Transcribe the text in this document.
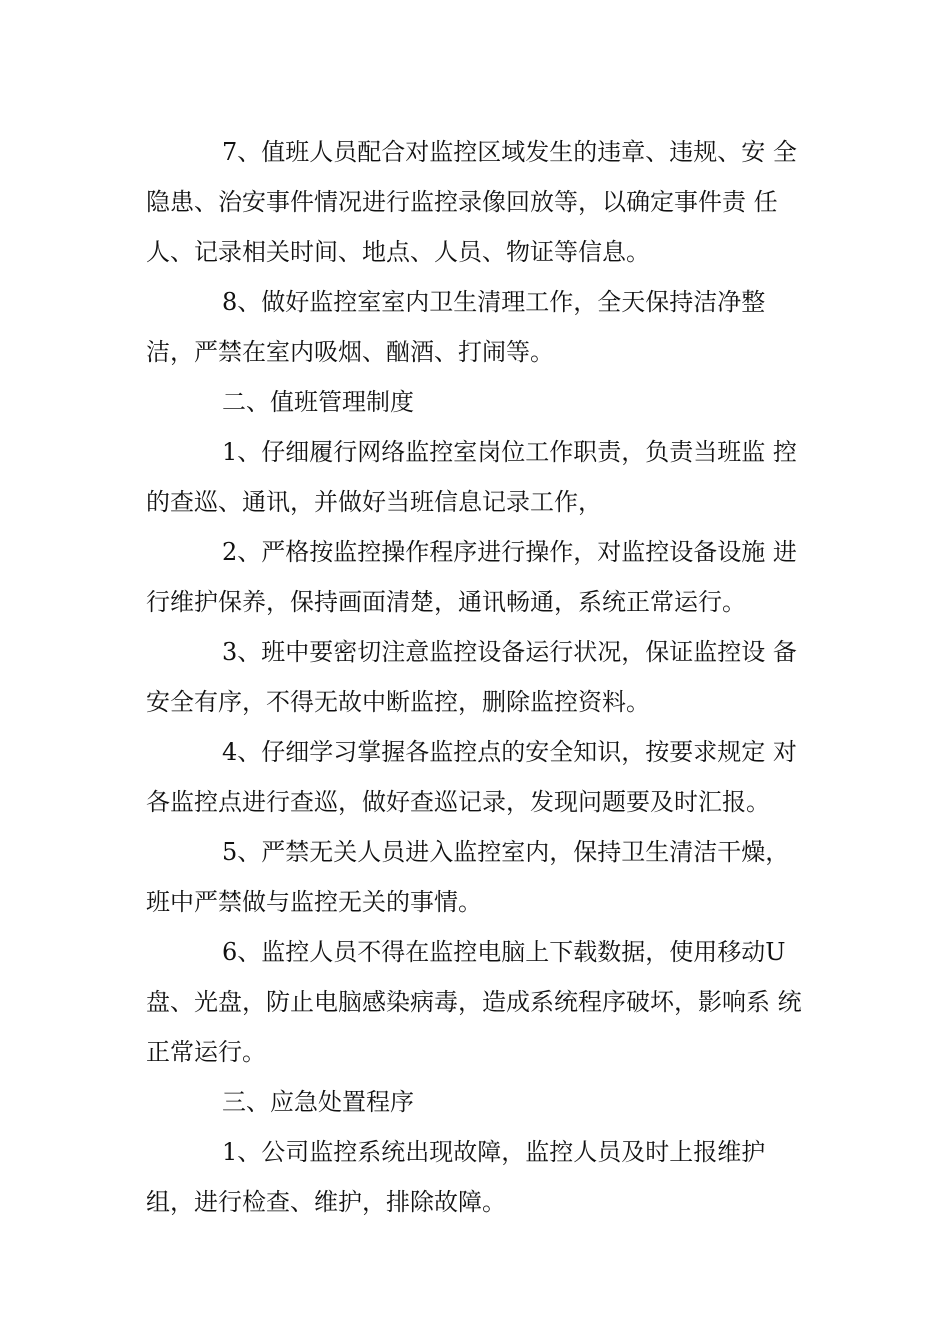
7、值班人员配合对监控区域发生的违章、违规、安 全
隐患、治安事件情况进行监控录像回放等，以确定事件责 任
人、记录相关时间、地点、人员、物证等信息。
8、做好监控室室内卫生清理工作，全天保持洁净整
洁，严禁在室内吸烟、酗酒、打闹等。
二、值班管理制度
1、仔细履行网络监控室岗位工作职责，负责当班监 控
的查巡、通讯，并做好当班信息记录工作，
2、严格按监控操作程序进行操作，对监控设备设施 进
行维护保养，保持画面清楚，通讯畅通，系统正常运行。
3、班中要密切注意监控设备运行状况，保证监控设 备
安全有序，不得无故中断监控，删除监控资料。
4、仔细学习掌握各监控点的安全知识，按要求规定 对
各监控点进行查巡，做好查巡记录，发现问题要及时汇报。
5、严禁无关人员进入监控室内，保持卫生清洁干燥，
班中严禁做与监控无关的事情。
6、监控人员不得在监控电脑上下载数据，使用移动U
盘、光盘，防止电脑感染病毒，造成系统程序破坏，影响系 统
正常运行。
三、应急处置程序
1、公司监控系统出现故障，监控人员及时上报维护
组，进行检查、维护，排除故障。
